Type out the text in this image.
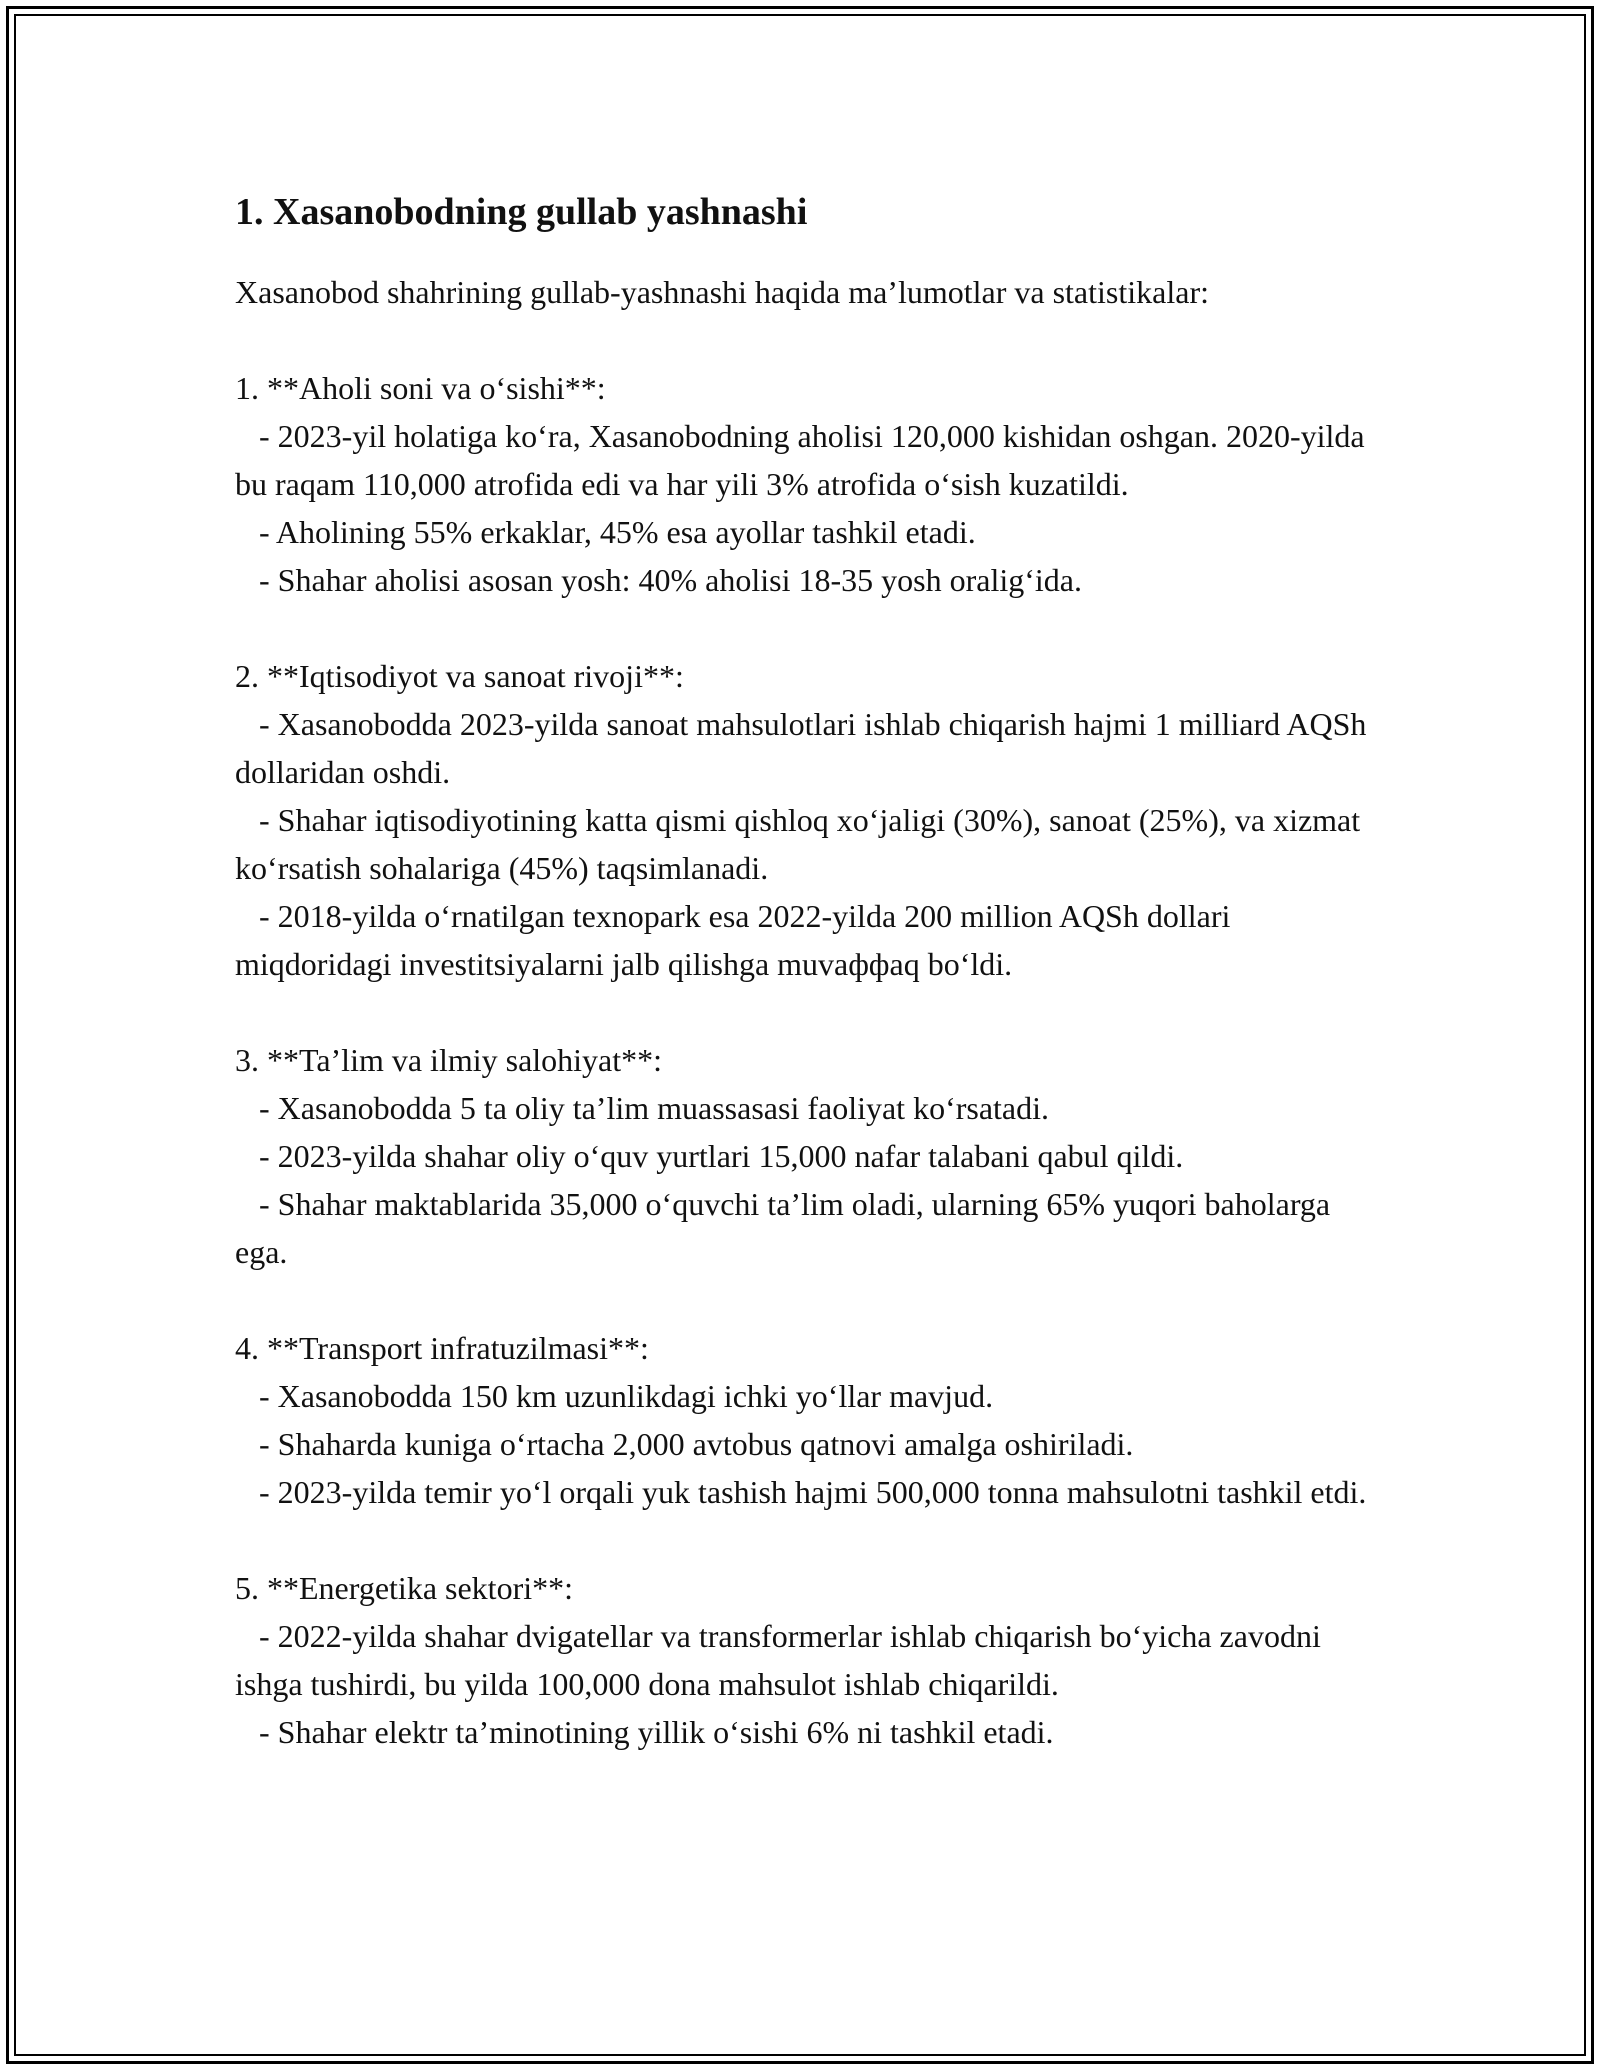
1. Xasanobodning gullab yashnashi

Xasanobod shahrining gullab-yashnashi haqida ma’lumotlar va statistikalar:

1. **Aholi soni va o‘sishi**:

- 2023-yil holatiga ko‘ra, Xasanobodning aholisi 120,000 kishidan oshgan. 2020-yilda bu raqam 110,000 atrofida edi va har yili 3% atrofida o‘sish kuzatildi.

- Aholining 55% erkaklar, 45% esa ayollar tashkil etadi.

- Shahar aholisi asosan yosh: 40% aholisi 18-35 yosh oralig‘ida.

2. **Iqtisodiyot va sanoat rivoji**:

- Xasanobodda 2023-yilda sanoat mahsulotlari ishlab chiqarish hajmi 1 milliard AQSh dollaridan oshdi.

- Shahar iqtisodiyotining katta qismi qishloq xo‘jaligi (30%), sanoat (25%), va xizmat ko‘rsatish sohalariga (45%) taqsimlanadi.

- 2018-yilda o‘rnatilgan texnopark esa 2022-yilda 200 million AQSh dollari miqdoridagi investitsiyalarni jalb qilishga muvaффaq bo‘ldi.

3. **Ta’lim va ilmiy salohiyat**:

- Xasanobodda 5 ta oliy ta’lim muassasasi faoliyat ko‘rsatadi.

- 2023-yilda shahar oliy o‘quv yurtlari 15,000 nafar talabani qabul qildi.

- Shahar maktablarida 35,000 o‘quvchi ta’lim oladi, ularning 65% yuqori baholarga ega.

4. **Transport infratuzilmasi**:

- Xasanobodda 150 km uzunlikdagi ichki yo‘llar mavjud.

- Shaharda kuniga o‘rtacha 2,000 avtobus qatnovi amalga oshiriladi.

- 2023-yilda temir yo‘l orqali yuk tashish hajmi 500,000 tonna mahsulotni tashkil etdi.

5. **Energetika sektori**:

- 2022-yilda shahar dvigatellar va transformerlar ishlab chiqarish bo‘yicha zavodni ishga tushirdi, bu yilda 100,000 dona mahsulot ishlab chiqarildi.

- Shahar elektr ta’minotining yillik o‘sishi 6% ni tashkil etadi.
